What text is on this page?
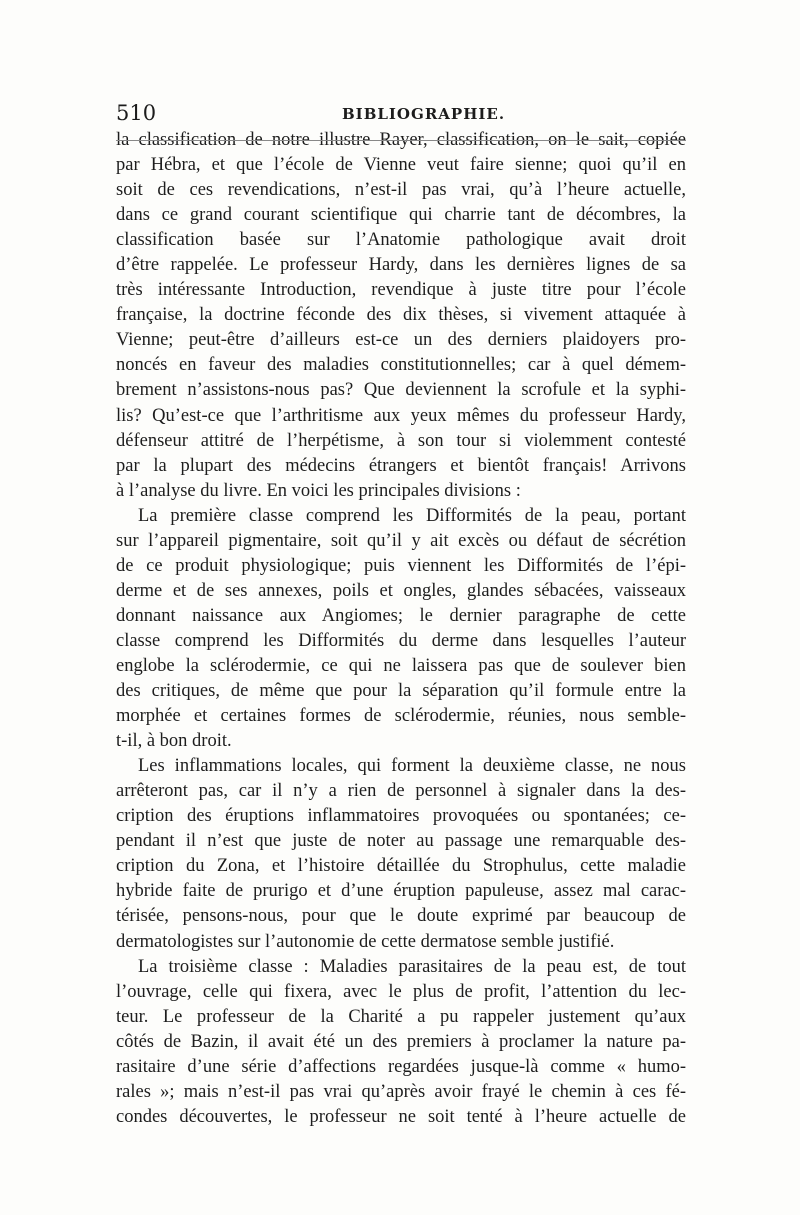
510	BIBLIOGRAPHIE.
la classification de notre illustre Rayer, classification, on le sait, copiée
par Hébra, et que l’école de Vienne veut faire sienne; quoi qu’il en
soit de ces revendications, n’est-il pas vrai, qu’à l’heure actuelle,
dans ce grand courant scientifique qui charrie tant de décombres, la
classification basée sur l’Anatomie pathologique avait droit
d’être rappelée. Le professeur Hardy, dans les dernières lignes de sa
très intéressante Introduction, revendique à juste titre pour l’école
française, la doctrine féconde des dix thèses, si vivement attaquée à
Vienne; peut-être d’ailleurs est-ce un des derniers plaidoyers pro-
noncés en faveur des maladies constitutionnelles; car à quel démem-
brement n’assistons-nous pas? Que deviennent la scrofule et la syphi-
lis? Qu’est-ce que l’arthritisme aux yeux mêmes du professeur Hardy,
défenseur attitré de l’herpétisme, à son tour si violemment contesté
par la plupart des médecins étrangers et bientôt français! Arrivons
à l’analyse du livre. En voici les principales divisions :
La première classe comprend les Difformités de la peau, portant
sur l’appareil pigmentaire, soit qu’il y ait excès ou défaut de sécrétion
de ce produit physiologique; puis viennent les Difformités de l’épi-
derme et de ses annexes, poils et ongles, glandes sébacées, vaisseaux
donnant naissance aux Angiomes; le dernier paragraphe de cette
classe comprend les Difformités du derme dans lesquelles l’auteur
englobe la sclérodermie, ce qui ne laissera pas que de soulever bien
des critiques, de même que pour la séparation qu’il formule entre la
morphée et certaines formes de sclérodermie, réunies, nous semble-
t-il, à bon droit.
Les inflammations locales, qui forment la deuxième classe, ne nous
arrêteront pas, car il n’y a rien de personnel à signaler dans la des-
cription des éruptions inflammatoires provoquées ou spontanées; ce-
pendant il n’est que juste de noter au passage une remarquable des-
cription du Zona, et l’histoire détaillée du Strophulus, cette maladie
hybride faite de prurigo et d’une éruption papuleuse, assez mal carac-
térisée, pensons-nous, pour que le doute exprimé par beaucoup de
dermatologistes sur l’autonomie de cette dermatose semble justifié.
La troisième classe : Maladies parasitaires de la peau est, de tout
l’ouvrage, celle qui fixera, avec le plus de profit, l’attention du lec-
teur. Le professeur de la Charité a pu rappeler justement qu’aux
côtés de Bazin, il avait été un des premiers à proclamer la nature pa-
rasitaire d’une série d’affections regardées jusque-là comme « humo-
rales »; mais n’est-il pas vrai qu’après avoir frayé le chemin à ces fé-
condes découvertes, le professeur ne soit tenté à l’heure actuelle de
